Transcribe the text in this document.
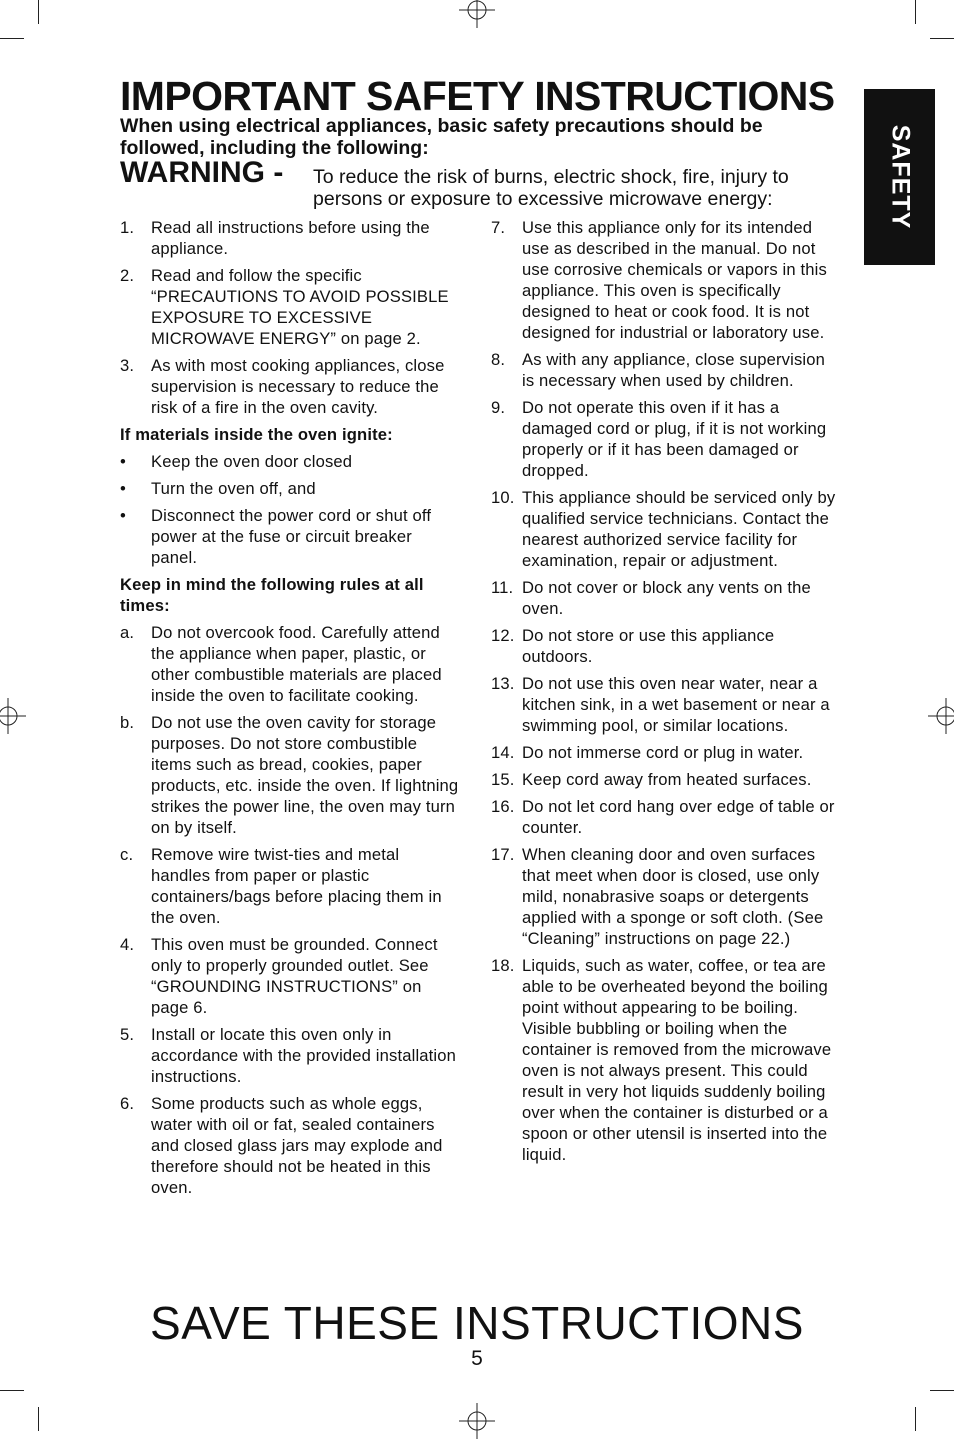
IMPORTANT SAFETY INSTRUCTIONS
When using electrical appliances, basic safety precautions should be followed, including the following:
WARNING - To reduce the risk of burns, electric shock, fire, injury to persons or exposure to excessive microwave energy:	SAFETY
1. Read all instructions before using the appliance.
2. Read and follow the specific “PRECAUTIONS TO AVOID POSSIBLE EXPOSURE TO EXCESSIVE MICROWAVE ENERGY” on page 2.
3. As with most cooking appliances, close supervision is necessary to reduce the risk of a fire in the oven cavity.
If materials inside the oven ignite:
• Keep the oven door closed
• Turn the oven off, and
• Disconnect the power cord or shut off power at the fuse or circuit breaker panel.
Keep in mind the following rules at all times:
a. Do not overcook food. Carefully attend the appliance when paper, plastic, or other combustible materials are placed inside the oven to facilitate cooking.
b. Do not use the oven cavity for storage purposes. Do not store combustible items such as bread, cookies, paper products, etc. inside the oven. If lightning strikes the power line, the oven may turn on by itself.
c. Remove wire twist-ties and metal handles from paper or plastic containers/bags before placing them in the oven.
4. This oven must be grounded. Connect only to properly grounded outlet. See “GROUNDING INSTRUCTIONS” on page 6.
5. Install or locate this oven only in accordance with the provided installation instructions.
6. Some products such as whole eggs, water with oil or fat, sealed containers and closed glass jars may explode and therefore should not be heated in this oven.
7. Use this appliance only for its intended use as described in the manual. Do not use corrosive chemicals or vapors in this appliance. This oven is specifically designed to heat or cook food. It is not designed for industrial or laboratory use.
8. As with any appliance, close supervision is necessary when used by children.
9. Do not operate this oven if it has a damaged cord or plug, if it is not working properly or if it has been damaged or dropped.
10. This appliance should be serviced only by qualified service technicians. Contact the nearest authorized service facility for examination, repair or adjustment.
11. Do not cover or block any vents on the oven.
12. Do not store or use this appliance outdoors.
13. Do not use this oven near water, near a kitchen sink, in a wet basement or near a swimming pool, or similar locations.
14. Do not immerse cord or plug in water.
15. Keep cord away from heated surfaces.
16. Do not let cord hang over edge of table or counter.
17. When cleaning door and oven surfaces that meet when door is closed, use only mild, nonabrasive soaps or detergents applied with a sponge or soft cloth. (See “Cleaning” instructions on page 22.)
18. Liquids, such as water, coffee, or tea are able to be overheated beyond the boiling point without appearing to be boiling. Visible bubbling or boiling when the container is removed from the microwave oven is not always present. This could result in very hot liquids suddenly boiling over when the container is disturbed or a spoon or other utensil is inserted into the liquid.
SAVE THESE INSTRUCTIONS
5
